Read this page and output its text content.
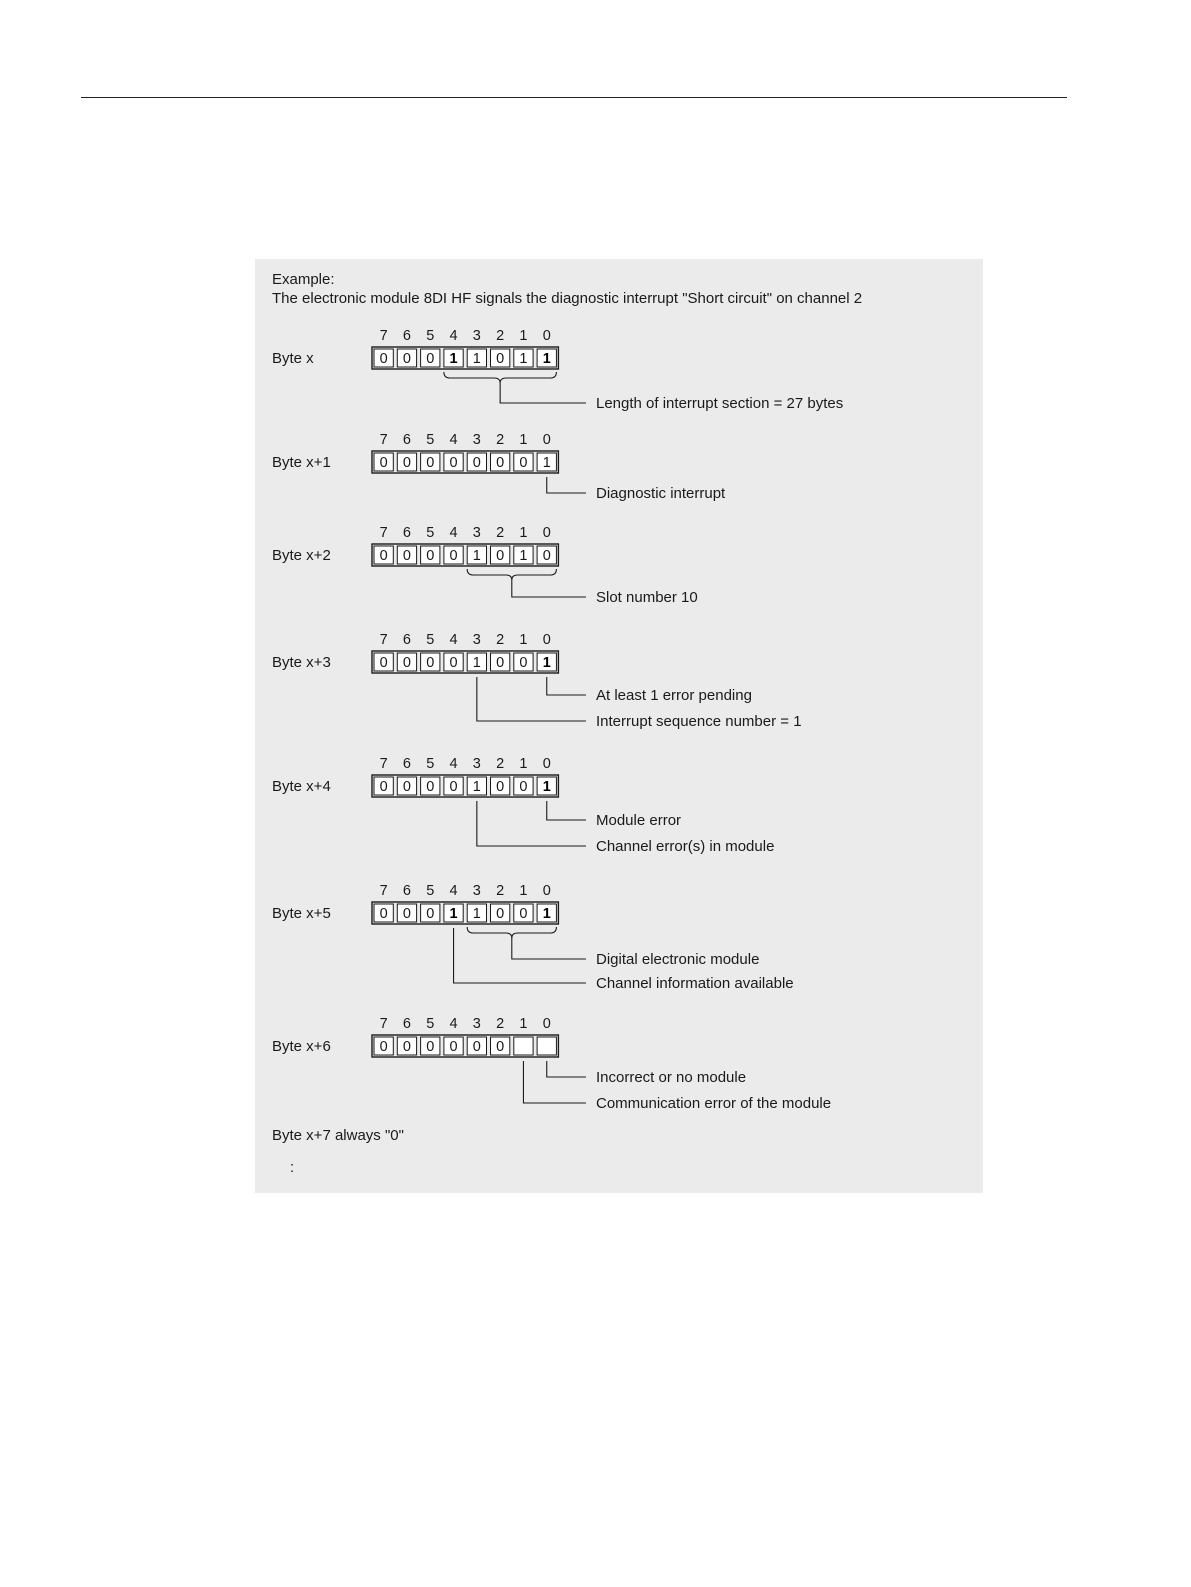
Example:
The electronic module 8DI HF signals the diagnostic interrupt "Short circuit" on channel 2
7 6 5 4 3 2 1 0
Byte x	0 0 0 1 1 0 1 1
Length of interrupt section = 27 bytes
7 6 5 4 3 2 1 0
Byte x+1	0 0 0 0 0 0 0 1
Diagnostic interrupt
7 6 5 4 3 2 1 0
Byte x+2	0 0 0 0 1 0 1 0
Slot number 10
7 6 5 4 3 2 1 0
Byte x+3	0 0 0 0 1 0 0 1
At least 1 error pending
Interrupt sequence number = 1
7 6 5 4 3 2 1 0
Byte x+4	0 0 0 0 1 0 0 1
Module error
Channel error(s) in module
7 6 5 4 3 2 1 0
Byte x+5	0 0 0 1 1 0 0 1
Digital electronic module
Channel information available
7 6 5 4 3 2 1 0
Byte x+6	0 0 0 0 0 0
Incorrect or no module
Communication error of the module
Byte x+7 always "0"
:
